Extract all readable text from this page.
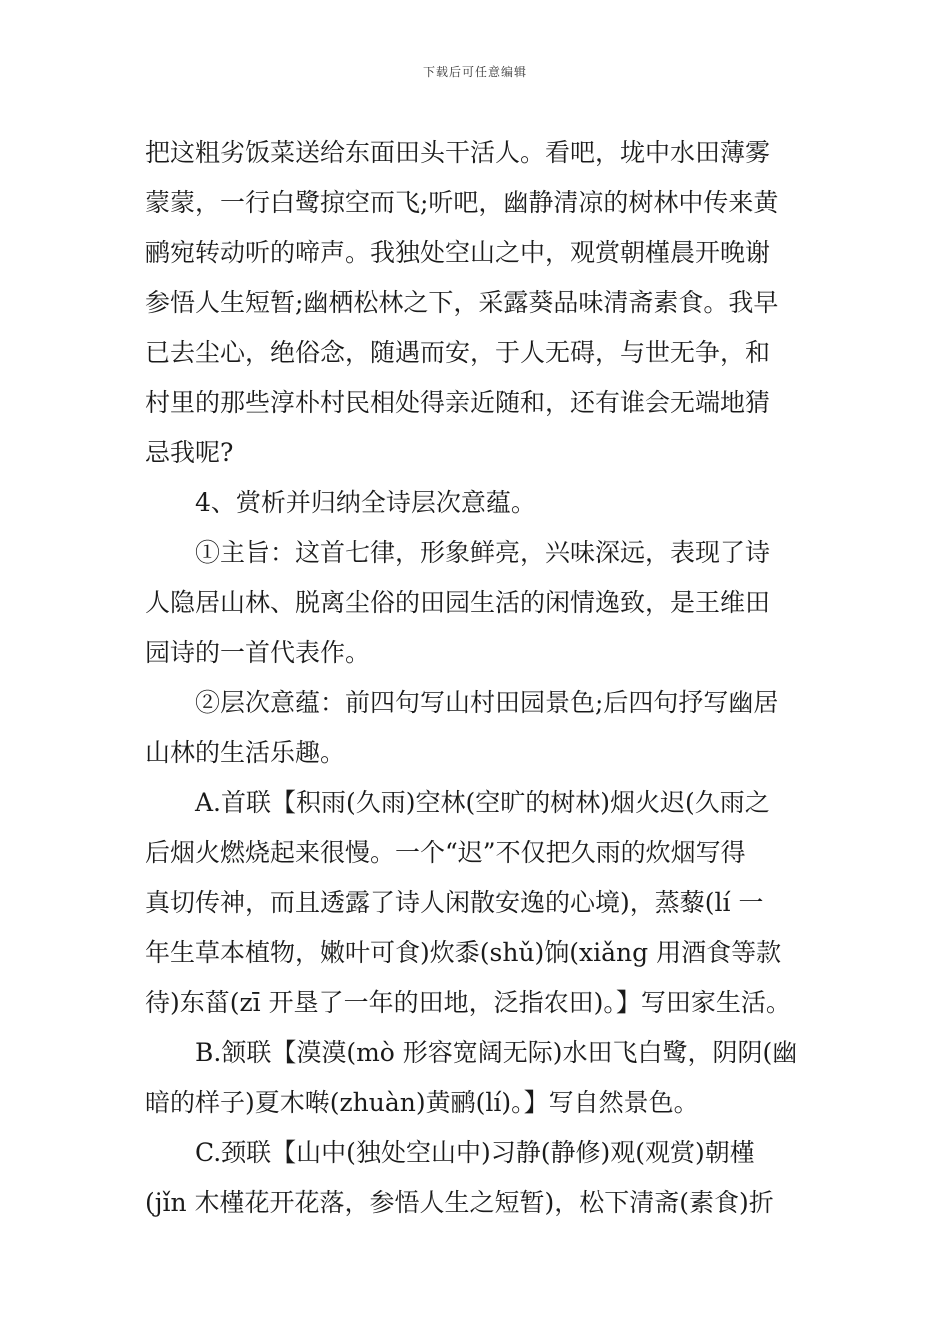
下载后可任意编辑
把这粗劣饭菜送给东面田头干活人。看吧，垅中水田薄雾
蒙蒙，一行白鹭掠空而飞;听吧，幽静清凉的树林中传来黄
鹂宛转动听的啼声。我独处空山之中，观赏朝槿晨开晚谢
参悟人生短暂;幽栖松林之下，采露葵品味清斋素食。我早
已去尘心，绝俗念，随遇而安，于人无碍，与世无争，和
村里的那些淳朴村民相处得亲近随和，还有谁会无端地猜
忌我呢?
4、赏析并归纳全诗层次意蕴。
①主旨：这首七律，形象鲜亮，兴味深远，表现了诗
人隐居山林、脱离尘俗的田园生活的闲情逸致，是王维田
园诗的一首代表作。
②层次意蕴：前四句写山村田园景色;后四句抒写幽居
山林的生活乐趣。
A.首联【积雨(久雨)空林(空旷的树林)烟火迟(久雨之
后烟火燃烧起来很慢。一个“迟”不仅把久雨的炊烟写得
真切传神，而且透露了诗人闲散安逸的心境)，蒸藜(lí 一
年生草本植物，嫩叶可食)炊黍(shǔ)饷(xiǎng 用酒食等款
待)东菑(zī 开垦了一年的田地，泛指农田)。】写田家生活。
B.颔联【漠漠(mò 形容宽阔无际)水田飞白鹭，阴阴(幽
暗的样子)夏木啭(zhuàn)黄鹂(lí)。】写自然景色。
C.颈联【山中(独处空山中)习静(静修)观(观赏)朝槿
(jǐn 木槿花开花落，参悟人生之短暂)，松下清斋(素食)折
